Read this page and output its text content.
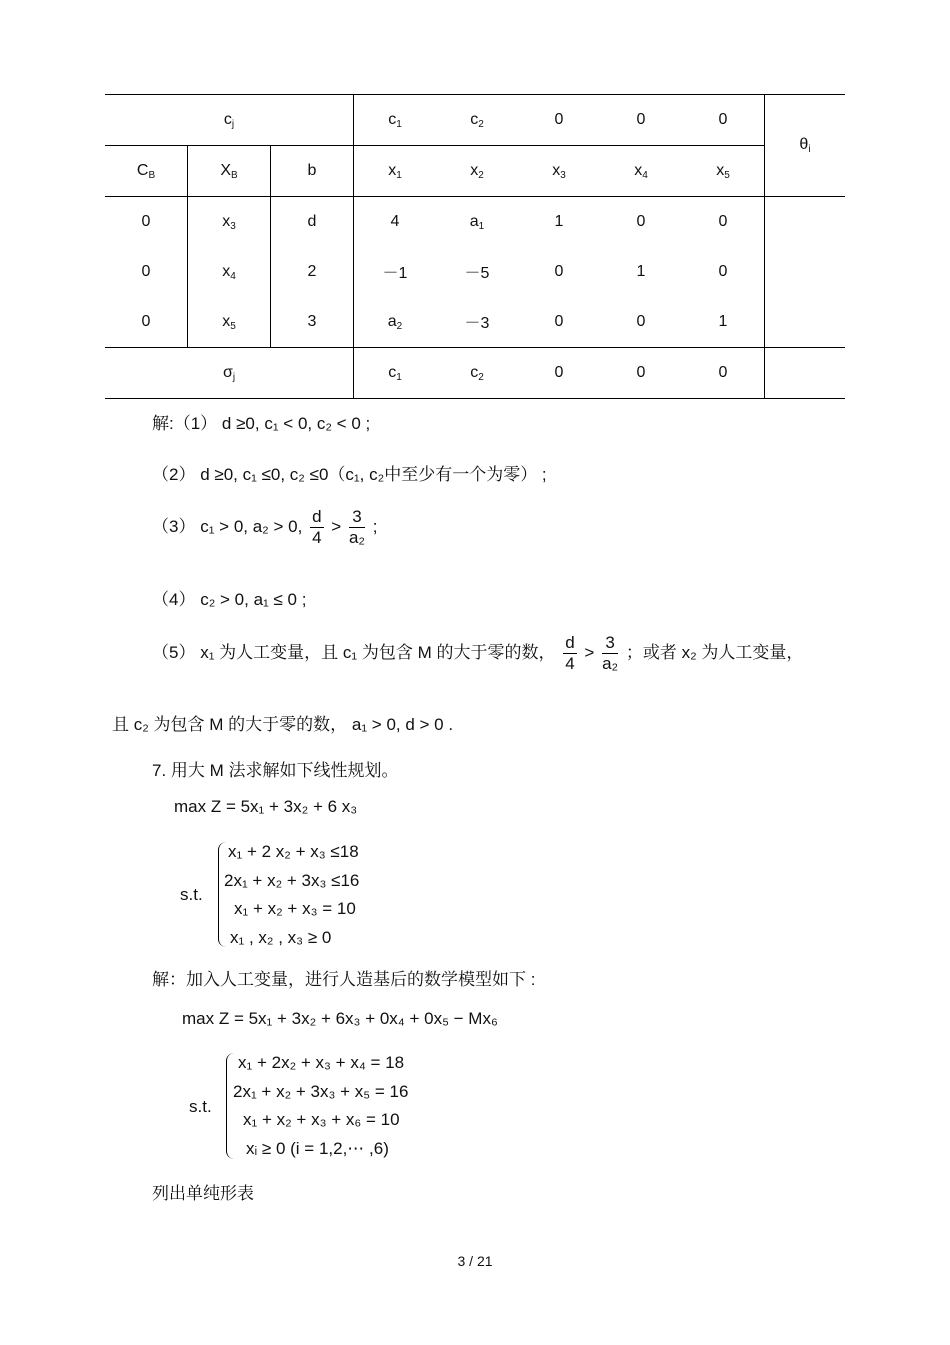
$c_j$			$c_1$	$c_2$	0	0	0	$\theta_i$
$C_B$	$X_B$	b	$x_1$	$x_2$	$x_3$	$x_4$	$x_5$
0	$x_3$	d	4	$a_1$	1	0	0	
0	$x_4$	2	－1	－5	0	1	0	
0	$x_5$	3	$a_2$	－3	0	0	1	
$\sigma_j$			$c_1$	$c_2$	0	0	0	
解:（1） d ≥0, c₁ < 0, c₂ < 0 ;
（2） d ≥0, c₁ ≤0, c₂ ≤0（c₁, c₂中至少有一个为零） ;
（3） c₁ > 0, a₂ > 0, $\frac{d}{4} > \frac{3}{\text{a₂}}$ ;
（4） c₂ > 0, a₁ ≤ 0 ;
（5） x₁ 为人工变量，且 c₁ 为包含 M 的大于零的数， $\frac{d}{4} > \frac{3}{\text{a₂}}$ ；或者 x₂ 为人工变量，
且 c₂ 为包含 M 的大于零的数， a₁ > 0, d > 0 .
7. 用大 M 法求解如下线性规划。
max Z = 5x₁ + 3x₂ + 6 x₃
s.t.
x₁ + 2 x₂ + x₃ ≤18
2x₁ + x₂ + 3x₃ ≤16
x₁ + x₂ + x₃ = 10
x₁ , x₂ , x₃ ≥ 0
解：加入人工变量，进行人造基后的数学模型如下 :
max Z = 5x₁ + 3x₂ + 6x₃ + 0x₄ + 0x₅ − Mx₆
s.t.
x₁ + 2x₂ + x₃ + x₄ = 18
2x₁ + x₂ + 3x₃ + x₅ = 16
x₁ + x₂ + x₃ + x₆ = 10
xᵢ ≥ 0 (i = 1,2,⋯ ,6)
列出单纯形表
3 / 21
